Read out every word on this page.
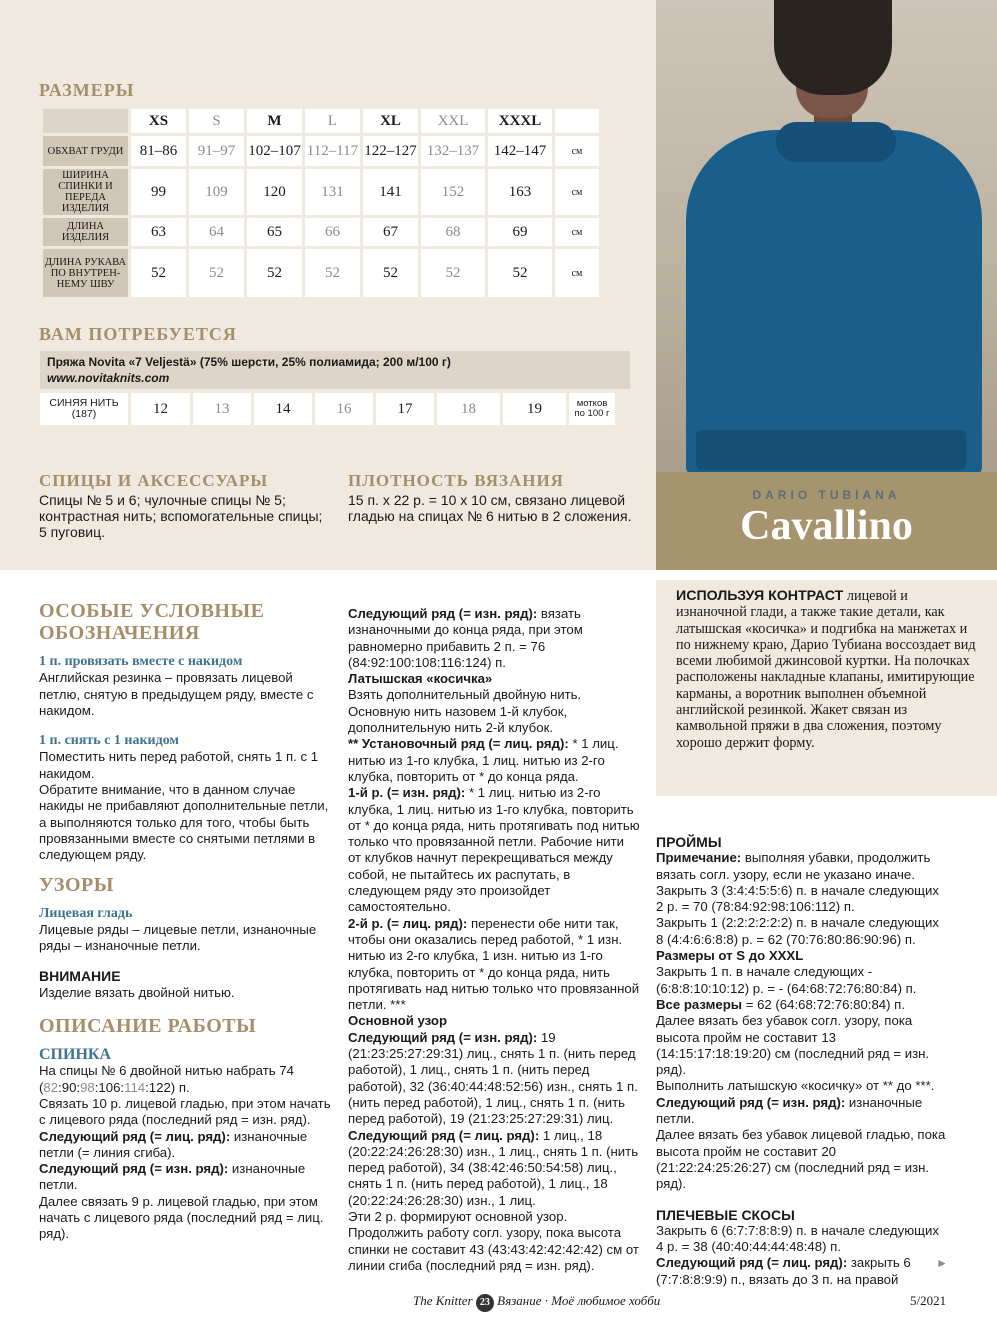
DARIO TUBIANA
Cavallino
РАЗМЕРЫ
	XS	S	M	L	XL	XXL	XXXL	
ОБХВАТ ГРУДИ	81–86	91–97	102–107	112–117	122–127	132–137	142–147	см
ШИРИНА СПИНКИ И ПЕРЕДА ИЗДЕЛИЯ	99	109	120	131	141	152	163	см
ДЛИНА ИЗДЕЛИЯ	63	64	65	66	67	68	69	см
ДЛИНА РУКАВА ПО ВНУТРЕН- НЕМУ ШВУ	52	52	52	52	52	52	52	см
ВАМ ПОТРЕБУЕТСЯ
Пряжа Novita «7 Veljestä» (75% шерсти, 25% полиамида; 200 м/100 г)
www.novitaknits.com
СИНЯЯ НИТЬ
(187)	12	13	14	16	17	18	19	мотков
по 100 г
СПИЦЫ И АКСЕССУАРЫ
Спицы № 5 и 6; чулочные спицы № 5; контрастная нить; вспомогательные спицы; 5 пуговиц.
ПЛОТНОСТЬ ВЯЗАНИЯ
15 п. х 22 р. = 10 х 10 см, связано лицевой гладью на спицах № 6 нитью в 2 сложения.
ИСПОЛЬЗУЯ КОНТРАСТ лицевой и изнаночной глади, а также такие детали, как латышская «косичка» и подгибка на манжетах и по нижнему краю, Дарио Тубиана воссоздает вид всеми любимой джинсовой куртки. На полочках расположены накладные клапаны, имитирующие карманы, а воротник выполнен объемной английской резинкой. Жакет связан из камвольной пряжи в два сложения, поэтому хорошо держит форму.

ОСОБЫЕ УСЛОВНЫЕ ОБОЗНАЧЕНИЯ

1 п. провязать вместе с накидом

Английская резинка – провязать лицевой петлю, снятую в предыдущем ряду, вместе с накидом.

1 п. снять с 1 накидом

Поместить нить перед работой, снять 1 п. с 1 накидом.

Обратите внимание, что в данном случае накиды не прибавляют дополнительные петли, а выполняются только для того, чтобы быть провязанными вместе со снятыми петлями в следующем ряду.

УЗОРЫ

Лицевая гладь

Лицевые ряды – лицевые петли, изнаночные ряды – изнаночные петли.

ВНИМАНИЕ

Изделие вязать двойной нитью.

ОПИСАНИЕ РАБОТЫ

СПИНКА

На спицы № 6 двойной нитью набрать 74 (82:90:98:106:114:122) п.

Связать 10 р. лицевой гладью, при этом начать с лицевого ряда (последний ряд = изн. ряд).

Следующий ряд (= лиц. ряд): изнаночные петли (= линия сгиба).

Следующий ряд (= изн. ряд): изнаночные петли.

Далее связать 9 р. лицевой гладью, при этом начать с лицевого ряда (последний ряд = лиц. ряд).

Следующий ряд (= изн. ряд): вязать изнаночными до конца ряда, при этом равномерно прибавить 2 п. = 76 (84:92:100:108:116:124) п.

Латышская «косичка»

Взять дополнительный двойную нить. Основную нить назовем 1-й клубок, дополнительную нить 2-й клубок.

** Установочный ряд (= лиц. ряд): * 1 лиц. нитью из 1-го клубка, 1 лиц. нитью из 2-го клубка, повторить от * до конца ряда.

1-й р. (= изн. ряд): * 1 лиц. нитью из 2-го клубка, 1 лиц. нитью из 1-го клубка, повторить от * до конца ряда, нить протягивать под нитью только что провязанной петли. Рабочие нити от клубков начнут перекрещиваться между собой, не пытайтесь их распутать, в следующем ряду это произойдет самостоятельно.

2-й р. (= лиц. ряд): перенести обе нити так, чтобы они оказались перед работой, * 1 изн. нитью из 2-го клубка, 1 изн. нитью из 1-го клубка, повторить от * до конца ряда, нить протягивать над нитью только что провязанной петли. ***

Основной узор

Следующий ряд (= изн. ряд): 19 (21:23:25:27:29:31) лиц., снять 1 п. (нить перед работой), 1 лиц., снять 1 п. (нить перед работой), 32 (36:40:44:48:52:56) изн., снять 1 п. (нить перед работой), 1 лиц., снять 1 п. (нить перед работой), 19 (21:23:25:27:29:31) лиц.

Следующий ряд (= лиц. ряд): 1 лиц., 18 (20:22:24:26:28:30) изн., 1 лиц., снять 1 п. (нить перед работой), 34 (38:42:46:50:54:58) лиц., снять 1 п. (нить перед работой), 1 лиц., 18 (20:22:24:26:28:30) изн., 1 лиц.

Эти 2 р. формируют основной узор.

Продолжить работу согл. узору, пока высота спинки не составит 43 (43:43:42:42:42:42) см от линии сгиба (последний ряд = изн. ряд).

ПРОЙМЫ

Примечание: выполняя убавки, продолжить вязать согл. узору, если не указано иначе.

Закрыть 3 (3:4:4:5:5:6) п. в начале следующих 2 р. = 70 (78:84:92:98:106:112) п.

Закрыть 1 (2:2:2:2:2:2) п. в начале следующих 8 (4:4:6:6:8:8) р. = 62 (70:76:80:86:90:96) п.

Размеры от S до XXXL

Закрыть 1 п. в начале следующих - (6:8:8:10:10:12) р. = - (64:68:72:76:80:84) п.

Все размеры = 62 (64:68:72:76:80:84) п.

Далее вязать без убавок согл. узору, пока высота пройм не составит 13 (14:15:17:18:19:20) см (последний ряд = изн. ряд).

Выполнить латышскую «косичку» от ** до ***.

Следующий ряд (= изн. ряд): изнаночные петли.

Далее вязать без убавок лицевой гладью, пока высота пройм не составит 20 (21:22:24:25:26:27) см (последний ряд = изн. ряд).

ПЛЕЧЕВЫЕ СКОСЫ

Закрыть 6 (6:7:7:8:8:9) п. в начале следующих 4 р. = 38 (40:40:44:44:48:48) п.

Следующий ряд (= лиц. ряд): закрыть 6 (7:7:8:8:9:9) п., вязать до 3 п. на правой

►
The Knitter 23 Вязание · Моё любимое хобби	5/2021
